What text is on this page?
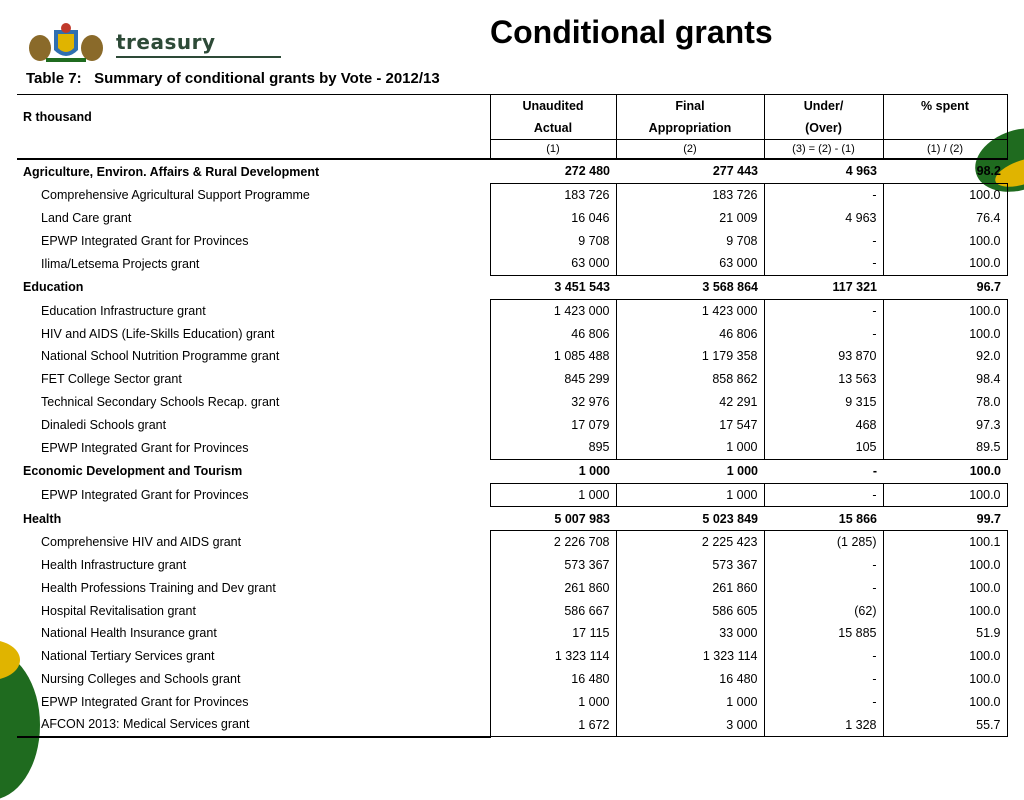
treasury	Conditional grants
Table 7:   Summary of conditional grants by Vote - 2012/13
R thousand	Unaudited	Final	Under/	% spent
	Actual	Appropriation	(Over)	
	(1)	(2)	(3) = (2) - (1)	(1) / (2)
Agriculture, Environ. Affairs & Rural Development	272 480	277 443	4 963	98.2
Comprehensive Agricultural Support Programme	183 726	183 726	-	100.0
Land Care grant	16 046	21 009	4 963	76.4
EPWP Integrated Grant for Provinces	9 708	9 708	-	100.0
Ilima/Letsema Projects grant	63 000	63 000	-	100.0
Education	3 451 543	3 568 864	117 321	96.7
Education Infrastructure grant	1 423 000	1 423 000	-	100.0
HIV and AIDS (Life-Skills Education) grant	46 806	46 806	-	100.0
National School Nutrition Programme grant	1 085 488	1 179 358	93 870	92.0
FET College Sector grant	845 299	858 862	13 563	98.4
Technical Secondary Schools Recap. grant	32 976	42 291	9 315	78.0
Dinaledi Schools grant	17 079	17 547	468	97.3
EPWP Integrated Grant for Provinces	895	1 000	105	89.5
Economic Development and Tourism	1 000	1 000	-	100.0
EPWP Integrated Grant for Provinces	1 000	1 000	-	100.0
Health	5 007 983	5 023 849	15 866	99.7
Comprehensive HIV and AIDS grant	2 226 708	2 225 423	(1 285)	100.1
Health Infrastructure grant	573 367	573 367	-	100.0
Health Professions Training and Dev grant	261 860	261 860	-	100.0
Hospital Revitalisation grant	586 667	586 605	(62)	100.0
National Health Insurance grant	17 115	33 000	15 885	51.9
National Tertiary Services grant	1 323 114	1 323 114	-	100.0
Nursing Colleges and Schools grant	16 480	16 480	-	100.0
EPWP Integrated Grant for Provinces	1 000	1 000	-	100.0
AFCON 2013: Medical Services grant	1 672	3 000	1 328	55.7
